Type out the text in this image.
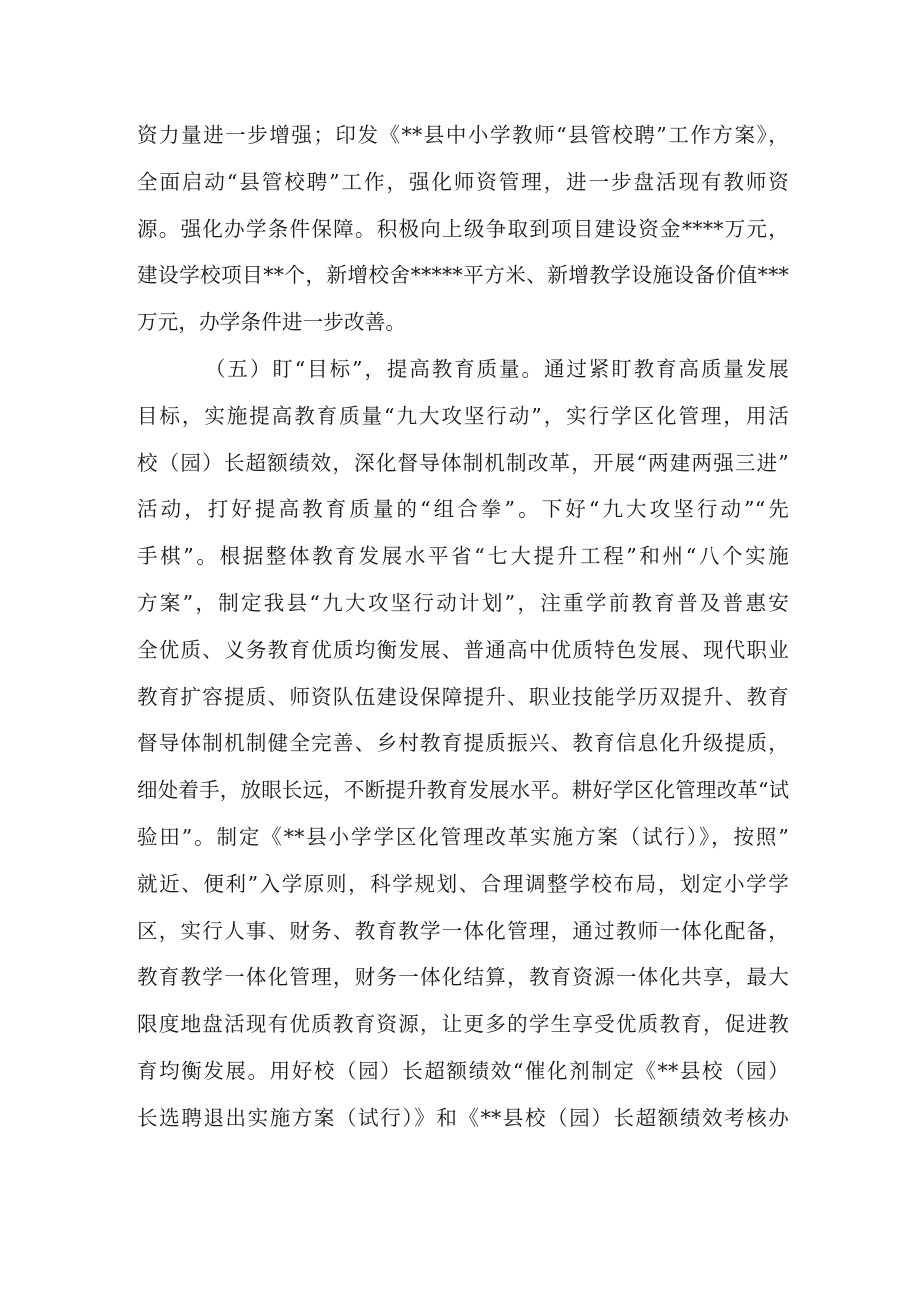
资力量进一步增强；印发《**县中小学教师“县管校聘”工作方案》，
全面启动“县管校聘”工作，强化师资管理，进一步盘活现有教师资
源。强化办学条件保障。积极向上级争取到项目建设资金****万元，
建设学校项目**个，新增校舍*****平方米、新增教学设施设备价值***
万元，办学条件进一步改善。
（五）盯“目标”，提高教育质量。通过紧盯教育高质量发展
目标，实施提高教育质量“九大攻坚行动”，实行学区化管理，用活
校（园）长超额绩效，深化督导体制机制改革，开展“两建两强三进”
活动，打好提高教育质量的“组合拳”。下好“九大攻坚行动”“先
手棋”。根据整体教育发展水平省“七大提升工程”和州“八个实施
方案”，制定我县“九大攻坚行动计划”，注重学前教育普及普惠安
全优质、义务教育优质均衡发展、普通高中优质特色发展、现代职业
教育扩容提质、师资队伍建设保障提升、职业技能学历双提升、教育
督导体制机制健全完善、乡村教育提质振兴、教育信息化升级提质，
细处着手，放眼长远，不断提升教育发展水平。耕好学区化管理改革“试
验田”。制定《**县小学学区化管理改革实施方案（试行）》，按照”
就近、便利”入学原则，科学规划、合理调整学校布局，划定小学学
区，实行人事、财务、教育教学一体化管理，通过教师一体化配备，
教育教学一体化管理，财务一体化结算，教育资源一体化共享，最大
限度地盘活现有优质教育资源，让更多的学生享受优质教育，促进教
育均衡发展。用好校（园）长超额绩效“催化剂制定《**县校（园）
长选聘退出实施方案（试行）》和《**县校（园）长超额绩效考核办
